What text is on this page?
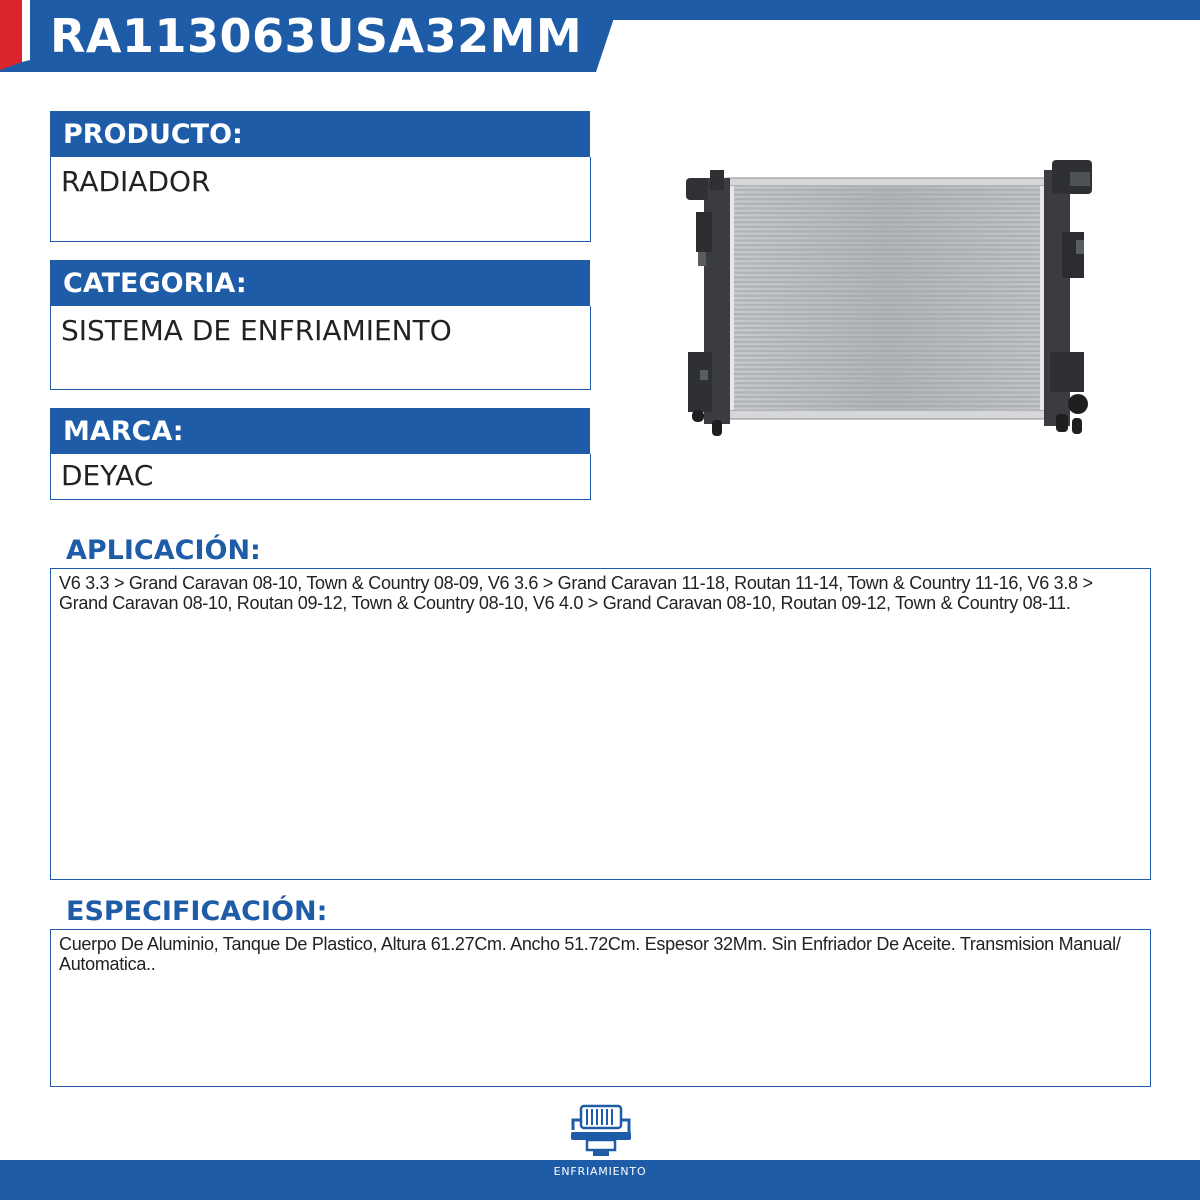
RA113063USA32MM
PRODUCTO:
RADIADOR
CATEGORIA:
SISTEMA DE ENFRIAMIENTO
MARCA:
DEYAC
APLICACIÓN:
V6 3.3 > Grand Caravan 08-10, Town & Country 08-09, V6 3.6 > Grand Caravan 11-18, Routan 11-14, Town & Country 11-16, V6 3.8 > Grand Caravan 08-10, Routan 09-12, Town & Country 08-10, V6 4.0 > Grand Caravan 08-10, Routan 09-12, Town & Country 08-11.
ESPECIFICACIÓN:
Cuerpo De Aluminio, Tanque De Plastico, Altura 61.27Cm. Ancho 51.72Cm. Espesor 32Mm. Sin Enfriador De Aceite. Transmision Manual/ Automatica..
ENFRIAMIENTO
